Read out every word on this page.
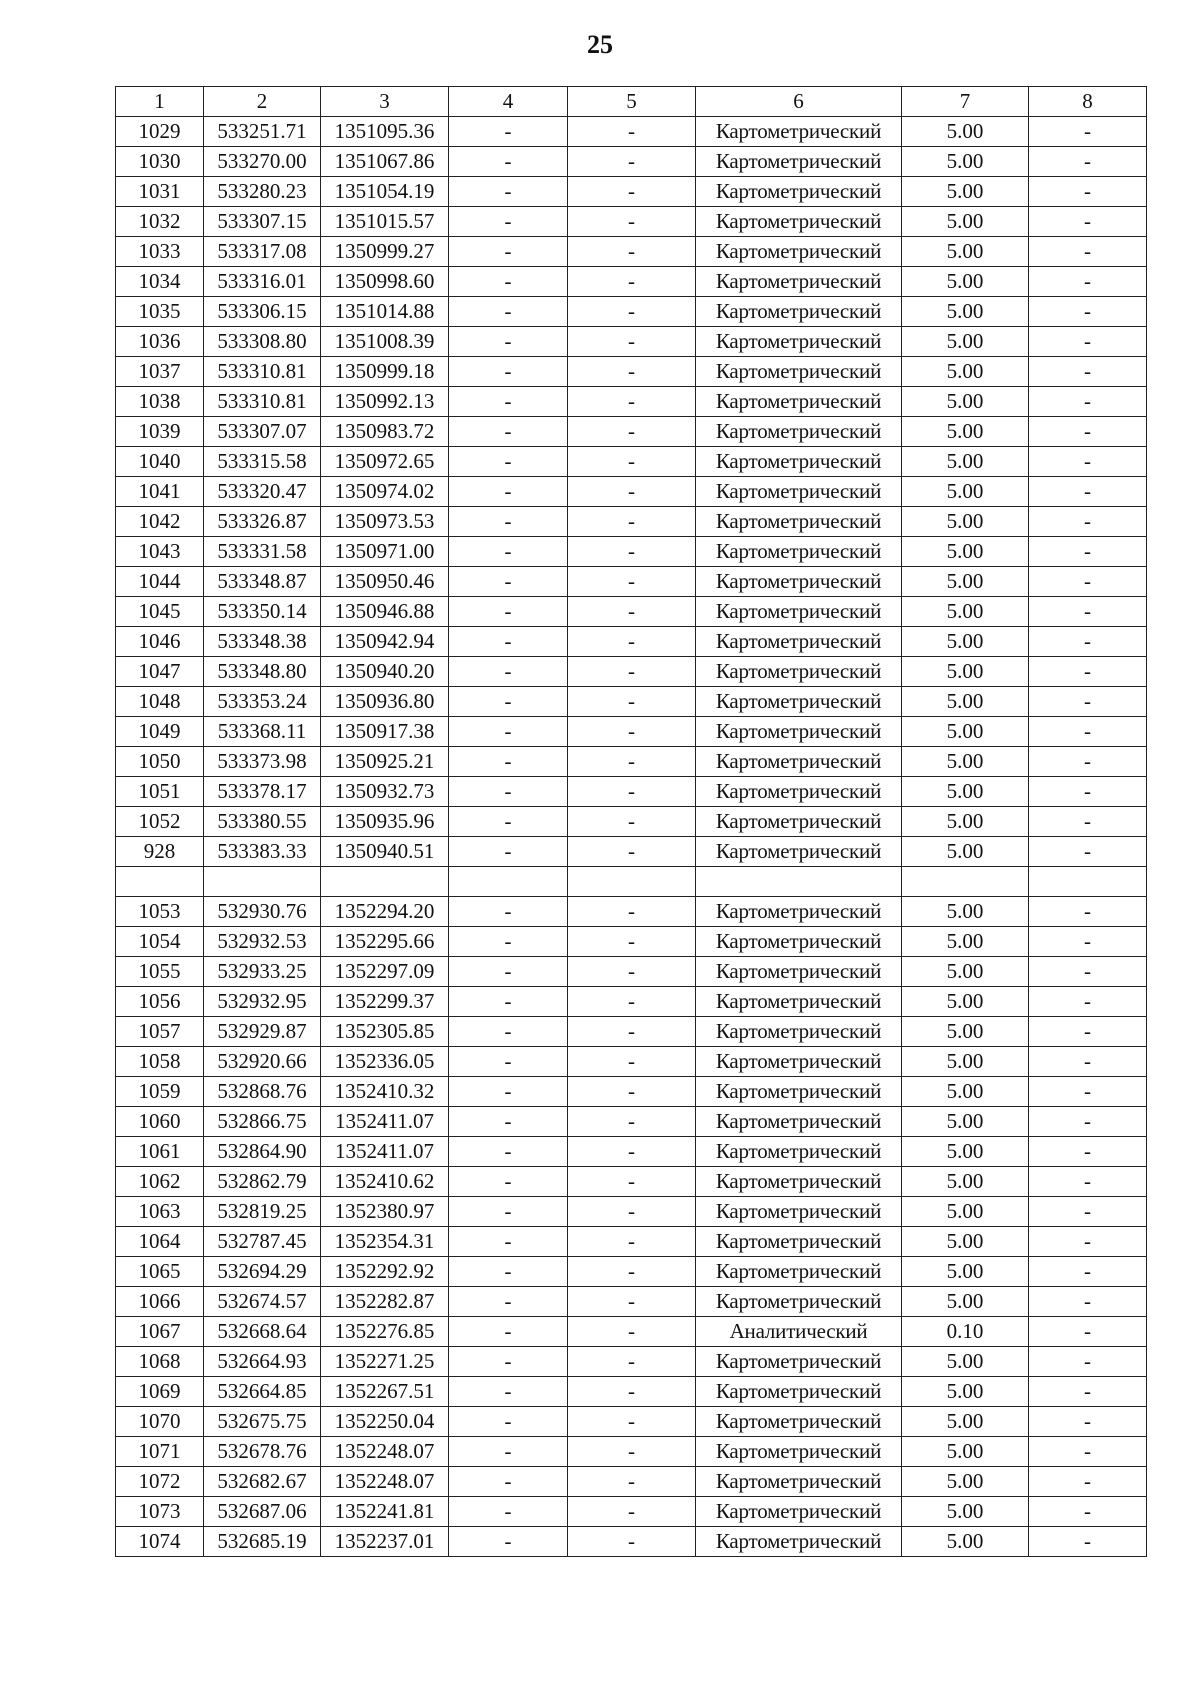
25
1	2	3	4	5	6	7	8
1029	533251.71	1351095.36	-	-	Картометрический	5.00	-
1030	533270.00	1351067.86	-	-	Картометрический	5.00	-
1031	533280.23	1351054.19	-	-	Картометрический	5.00	-
1032	533307.15	1351015.57	-	-	Картометрический	5.00	-
1033	533317.08	1350999.27	-	-	Картометрический	5.00	-
1034	533316.01	1350998.60	-	-	Картометрический	5.00	-
1035	533306.15	1351014.88	-	-	Картометрический	5.00	-
1036	533308.80	1351008.39	-	-	Картометрический	5.00	-
1037	533310.81	1350999.18	-	-	Картометрический	5.00	-
1038	533310.81	1350992.13	-	-	Картометрический	5.00	-
1039	533307.07	1350983.72	-	-	Картометрический	5.00	-
1040	533315.58	1350972.65	-	-	Картометрический	5.00	-
1041	533320.47	1350974.02	-	-	Картометрический	5.00	-
1042	533326.87	1350973.53	-	-	Картометрический	5.00	-
1043	533331.58	1350971.00	-	-	Картометрический	5.00	-
1044	533348.87	1350950.46	-	-	Картометрический	5.00	-
1045	533350.14	1350946.88	-	-	Картометрический	5.00	-
1046	533348.38	1350942.94	-	-	Картометрический	5.00	-
1047	533348.80	1350940.20	-	-	Картометрический	5.00	-
1048	533353.24	1350936.80	-	-	Картометрический	5.00	-
1049	533368.11	1350917.38	-	-	Картометрический	5.00	-
1050	533373.98	1350925.21	-	-	Картометрический	5.00	-
1051	533378.17	1350932.73	-	-	Картометрический	5.00	-
1052	533380.55	1350935.96	-	-	Картометрический	5.00	-
928	533383.33	1350940.51	-	-	Картометрический	5.00	-

1053	532930.76	1352294.20	-	-	Картометрический	5.00	-
1054	532932.53	1352295.66	-	-	Картометрический	5.00	-
1055	532933.25	1352297.09	-	-	Картометрический	5.00	-
1056	532932.95	1352299.37	-	-	Картометрический	5.00	-
1057	532929.87	1352305.85	-	-	Картометрический	5.00	-
1058	532920.66	1352336.05	-	-	Картометрический	5.00	-
1059	532868.76	1352410.32	-	-	Картометрический	5.00	-
1060	532866.75	1352411.07	-	-	Картометрический	5.00	-
1061	532864.90	1352411.07	-	-	Картометрический	5.00	-
1062	532862.79	1352410.62	-	-	Картометрический	5.00	-
1063	532819.25	1352380.97	-	-	Картометрический	5.00	-
1064	532787.45	1352354.31	-	-	Картометрический	5.00	-
1065	532694.29	1352292.92	-	-	Картометрический	5.00	-
1066	532674.57	1352282.87	-	-	Картометрический	5.00	-
1067	532668.64	1352276.85	-	-	Аналитический	0.10	-
1068	532664.93	1352271.25	-	-	Картометрический	5.00	-
1069	532664.85	1352267.51	-	-	Картометрический	5.00	-
1070	532675.75	1352250.04	-	-	Картометрический	5.00	-
1071	532678.76	1352248.07	-	-	Картометрический	5.00	-
1072	532682.67	1352248.07	-	-	Картометрический	5.00	-
1073	532687.06	1352241.81	-	-	Картометрический	5.00	-
1074	532685.19	1352237.01	-	-	Картометрический	5.00	-
